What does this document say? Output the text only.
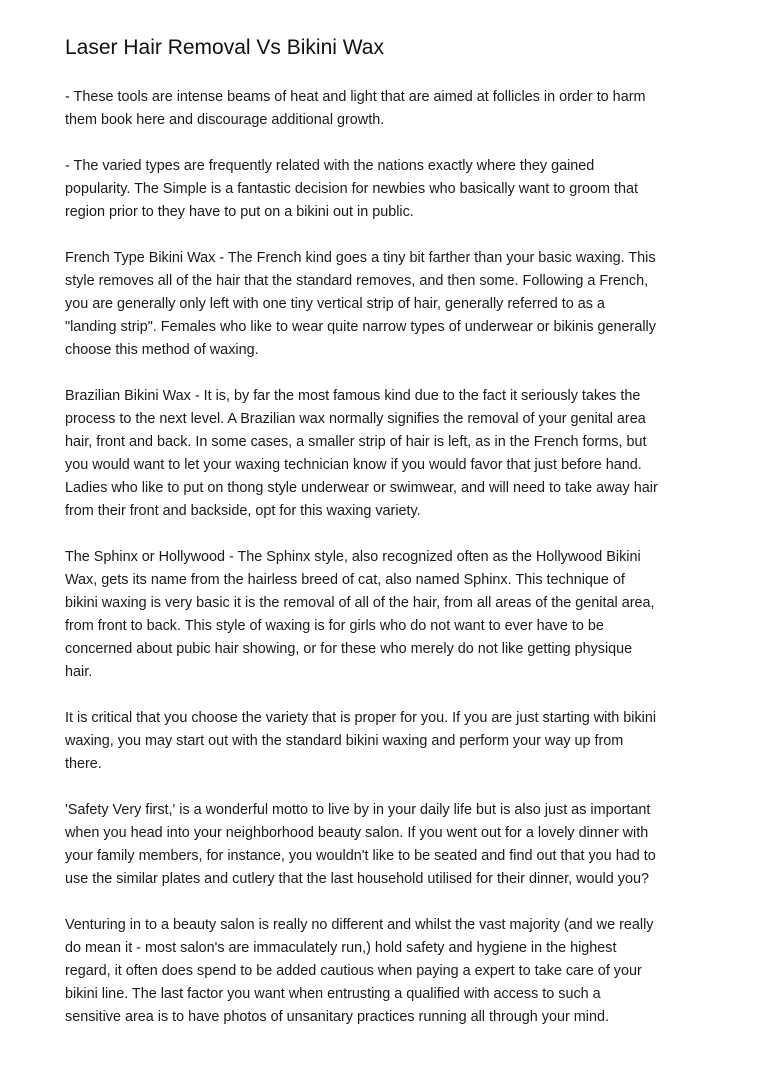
Laser Hair Removal Vs Bikini Wax

- These tools are intense beams of heat and light that are aimed at follicles in order to harm
them book here and discourage additional growth.

- The varied types are frequently related with the nations exactly where they gained
popularity. The Simple is a fantastic decision for newbies who basically want to groom that
region prior to they have to put on a bikini out in public.

French Type Bikini Wax - The French kind goes a tiny bit farther than your basic waxing. This
style removes all of the hair that the standard removes, and then some. Following a French,
you are generally only left with one tiny vertical strip of hair, generally referred to as a
"landing strip". Females who like to wear quite narrow types of underwear or bikinis generally
choose this method of waxing.

Brazilian Bikini Wax - It is, by far the most famous kind due to the fact it seriously takes the
process to the next level. A Brazilian wax normally signifies the removal of your genital area
hair, front and back. In some cases, a smaller strip of hair is left, as in the French forms, but
you would want to let your waxing technician know if you would favor that just before hand.
Ladies who like to put on thong style underwear or swimwear, and will need to take away hair
from their front and backside, opt for this waxing variety.

The Sphinx or Hollywood - The Sphinx style, also recognized often as the Hollywood Bikini
Wax, gets its name from the hairless breed of cat, also named Sphinx. This technique of
bikini waxing is very basic it is the removal of all of the hair, from all areas of the genital area,
from front to back. This style of waxing is for girls who do not want to ever have to be
concerned about pubic hair showing, or for these who merely do not like getting physique
hair.

It is critical that you choose the variety that is proper for you. If you are just starting with bikini
waxing, you may start out with the standard bikini waxing and perform your way up from
there.

'Safety Very first,' is a wonderful motto to live by in your daily life but is also just as important
when you head into your neighborhood beauty salon. If you went out for a lovely dinner with
your family members, for instance, you wouldn't like to be seated and find out that you had to
use the similar plates and cutlery that the last household utilised for their dinner, would you?

Venturing in to a beauty salon is really no different and whilst the vast majority (and we really
do mean it - most salon's are immaculately run,) hold safety and hygiene in the highest
regard, it often does spend to be added cautious when paying a expert to take care of your
bikini line. The last factor you want when entrusting a qualified with access to such a
sensitive area is to have photos of unsanitary practices running all through your mind.
